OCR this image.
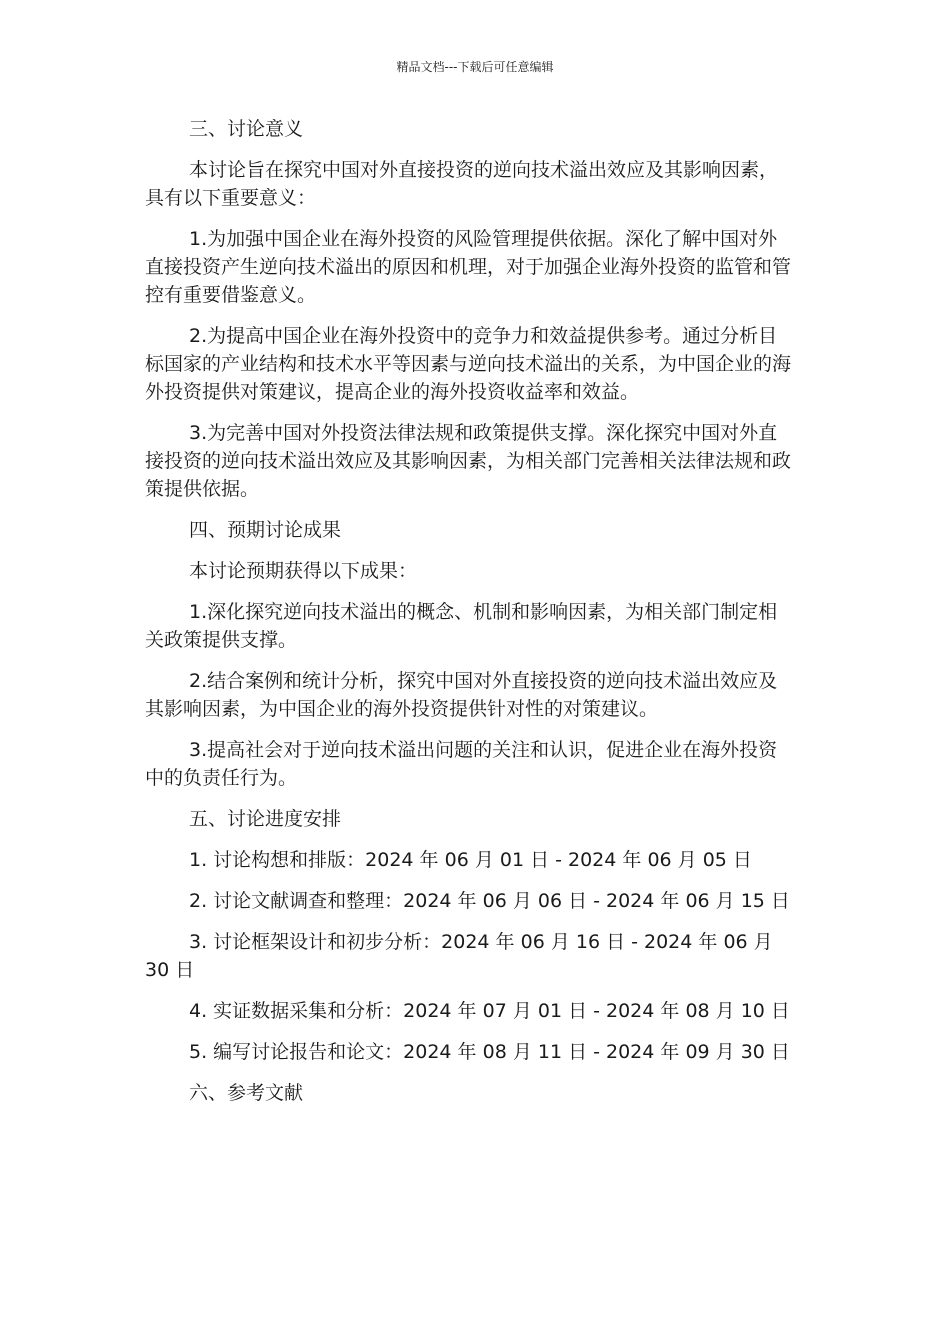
精品文档---下载后可任意编辑

三、讨论意义

本讨论旨在探究中国对外直接投资的逆向技术溢出效应及其影响因素，具有以下重要意义：

1.为加强中国企业在海外投资的风险管理提供依据。深化了解中国对外直接投资产生逆向技术溢出的原因和机理，对于加强企业海外投资的监管和管控有重要借鉴意义。

2.为提高中国企业在海外投资中的竞争力和效益提供参考。通过分析目标国家的产业结构和技术水平等因素与逆向技术溢出的关系，为中国企业的海外投资提供对策建议，提高企业的海外投资收益率和效益。

3.为完善中国对外投资法律法规和政策提供支撑。深化探究中国对外直接投资的逆向技术溢出效应及其影响因素，为相关部门完善相关法律法规和政策提供依据。

四、预期讨论成果

本讨论预期获得以下成果：

1.深化探究逆向技术溢出的概念、机制和影响因素，为相关部门制定相关政策提供支撑。

2.结合案例和统计分析，探究中国对外直接投资的逆向技术溢出效应及其影响因素，为中国企业的海外投资提供针对性的对策建议。

3.提高社会对于逆向技术溢出问题的关注和认识，促进企业在海外投资中的负责任行为。

五、讨论进度安排

1. 讨论构想和排版：2024 年 06 月 01 日 - 2024 年 06 月 05 日

2. 讨论文献调查和整理：2024 年 06 月 06 日 - 2024 年 06 月 15 日

3. 讨论框架设计和初步分析：2024 年 06 月 16 日 - 2024 年 06 月 30 日

4. 实证数据采集和分析：2024 年 07 月 01 日 - 2024 年 08 月 10 日

5. 编写讨论报告和论文：2024 年 08 月 11 日 - 2024 年 09 月 30 日

六、参考文献
